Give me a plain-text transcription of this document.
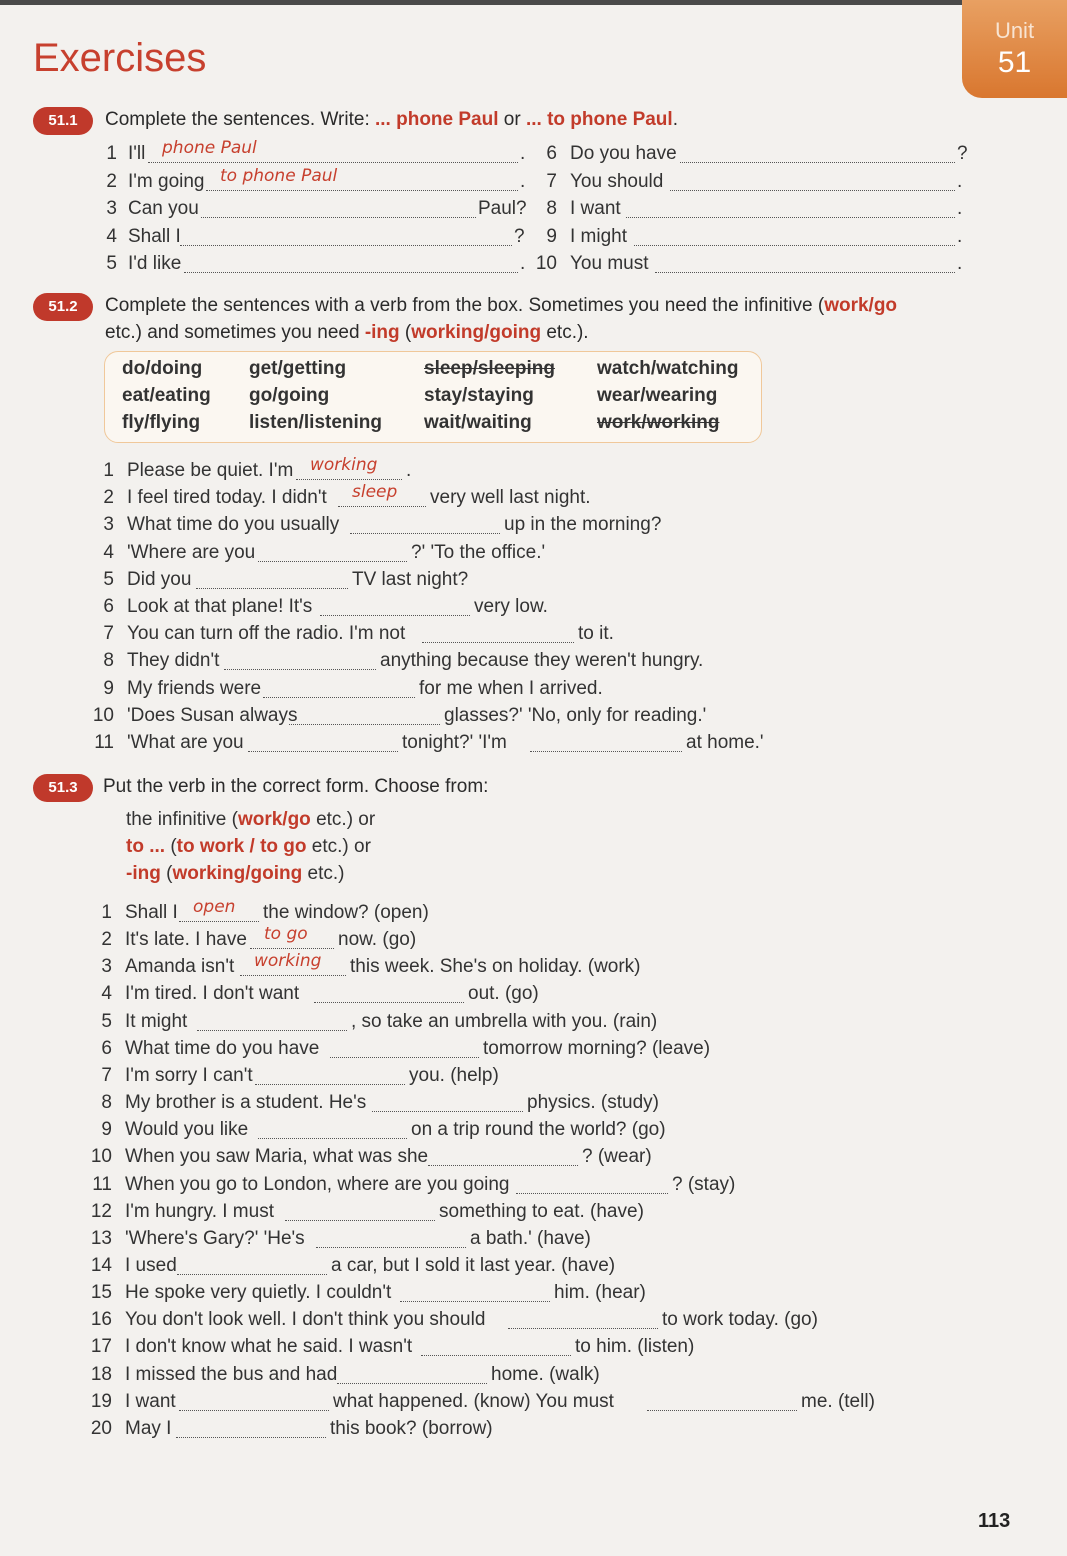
Unit
51
Exercises
51.1	Complete the sentences. Write: ... phone Paul or ... to phone Paul.
1 I'll phone Paul	.
2 I'm going to phone Paul	.
3 Can you	Paul?
4 Shall I	?
5 I'd like	.
6 Do you have	?
7 You should	.
8 I want	.
9 I might	.
10 You must	.
51.2	Complete the sentences with a verb from the box. Sometimes you need the infinitive (work/go
etc.) and sometimes you need -ing (working/going etc.).
do/doing get/getting	sleep/sleeping watch/watching
eat/eating go/going	stay/staying	wear/wearing
fly/flying	listen/listening wait/waiting	work/working
1 Please be quiet. I'm working .
2 I feel tired today. I didn't sleep very well last night.
3 What time do you usually	up in the morning?
4 'Where are you	?' 'To the office.'
5 Did you	TV last night?
6 Look at that plane! It's	very low.
7 You can turn off the radio. I'm not	to it.
8 They didn't	anything because they weren't hungry.
9 My friends were	for me when I arrived.
10 'Does Susan always	glasses?' 'No, only for reading.'
11 'What are you	tonight?' 'I'm	at home.'
51.3	Put the verb in the correct form. Choose from:
the infinitive (work/go etc.) or
to ... (to work / to go etc.) or
-ing (working/going etc.)
1 Shall I open the window? (open)
2 It's late. I have to go now. (go)
3 Amanda isn't working this week. She's on holiday. (work)
4 I'm tired. I don't want	out. (go)
5 It might	, so take an umbrella with you. (rain)
6 What time do you have	tomorrow morning? (leave)
7 I'm sorry I can't	you. (help)
8 My brother is a student. He's	physics. (study)
9 Would you like	on a trip round the world? (go)
10 When you saw Maria, what was she	? (wear)
11 When you go to London, where are you going	? (stay)
12 I'm hungry. I must	something to eat. (have)
13 'Where's Gary?' 'He's	a bath.' (have)
14 I used	a car, but I sold it last year. (have)
15 He spoke very quietly. I couldn't	him. (hear)
16 You don't look well. I don't think you should	to work today. (go)
17 I don't know what he said. I wasn't	to him. (listen)
18 I missed the bus and had	home. (walk)
19 I want	what happened. (know) You must	me. (tell)
20 May I	this book? (borrow)
113
